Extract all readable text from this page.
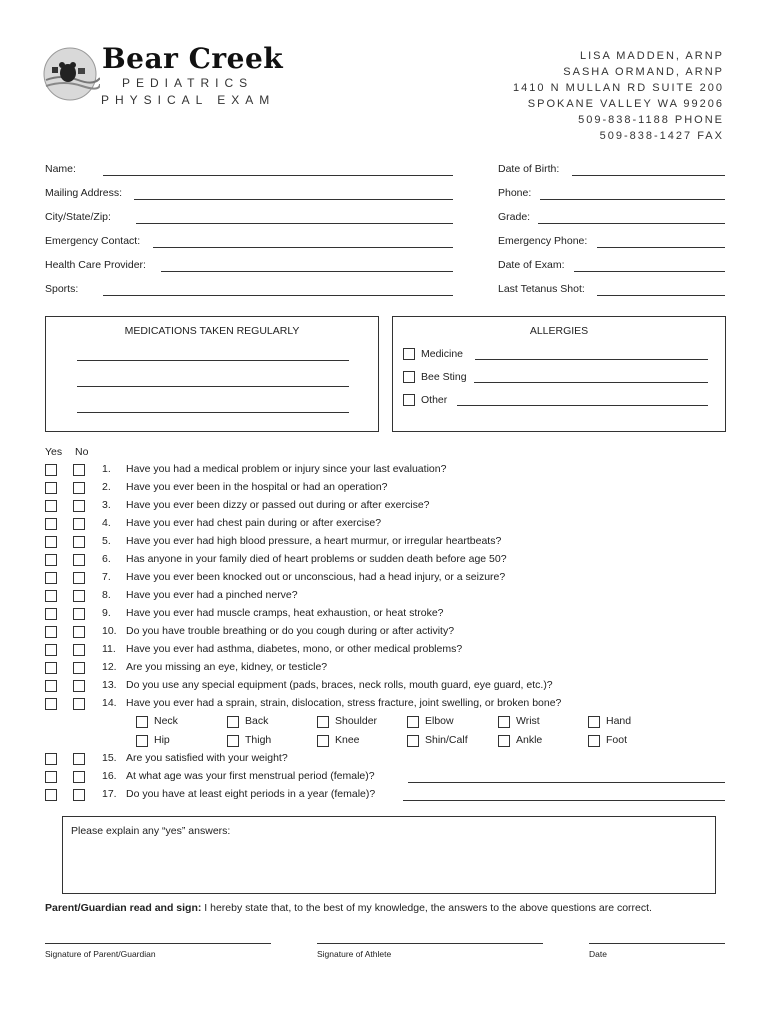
Bear Creek
PEDIATRICS
PHYSICAL EXAM
LISA MADDEN, ARNP
SASHA ORMAND, ARNP
1410 N MULLAN RD SUITE 200
SPOKANE VALLEY WA 99206
509-838-1188 PHONE
509-838-1427 FAX
Name:
Mailing Address:
City/State/Zip:
Emergency Contact:
Health Care Provider:
Sports:
Date of Birth:
Phone:
Grade:
Emergency Phone:
Date of Exam:
Last Tetanus Shot:
MEDICATIONS TAKEN REGULARLY	ALLERGIES
Medicine
Bee Sting
Other
Yes No
1. Have you had a medical problem or injury since your last evaluation?
2. Have you ever been in the hospital or had an operation?
3. Have you ever been dizzy or passed out during or after exercise?
4. Have you ever had chest pain during or after exercise?
5. Have you ever had high blood pressure, a heart murmur, or irregular heartbeats?
6. Has anyone in your family died of heart problems or sudden death before age 50?
7. Have you ever been knocked out or unconscious, had a head injury, or a seizure?
8. Have you ever had a pinched nerve?
9. Have you ever had muscle cramps, heat exhaustion, or heat stroke?
10. Do you have trouble breathing or do you cough during or after activity?
11. Have you ever had asthma, diabetes, mono, or other medical problems?
12. Are you missing an eye, kidney, or testicle?
13. Do you use any special equipment (pads, braces, neck rolls, mouth guard, eye guard, etc.)?
14. Have you ever had a sprain, strain, dislocation, stress fracture, joint swelling, or broken bone?
Neck	Back	Shoulder	Elbow	Wrist	Hand
Hip	Thigh	Knee	Shin/Calf	Ankle	Foot
15. Are you satisfied with your weight?
16. At what age was your first menstrual period (female)?
17. Do you have at least eight periods in a year (female)?
Please explain any “yes” answers:
Parent/Guardian read and sign: I hereby state that, to the best of my knowledge, the answers to the above questions are correct.
Signature of Parent/Guardian	Signature of Athlete	Date
